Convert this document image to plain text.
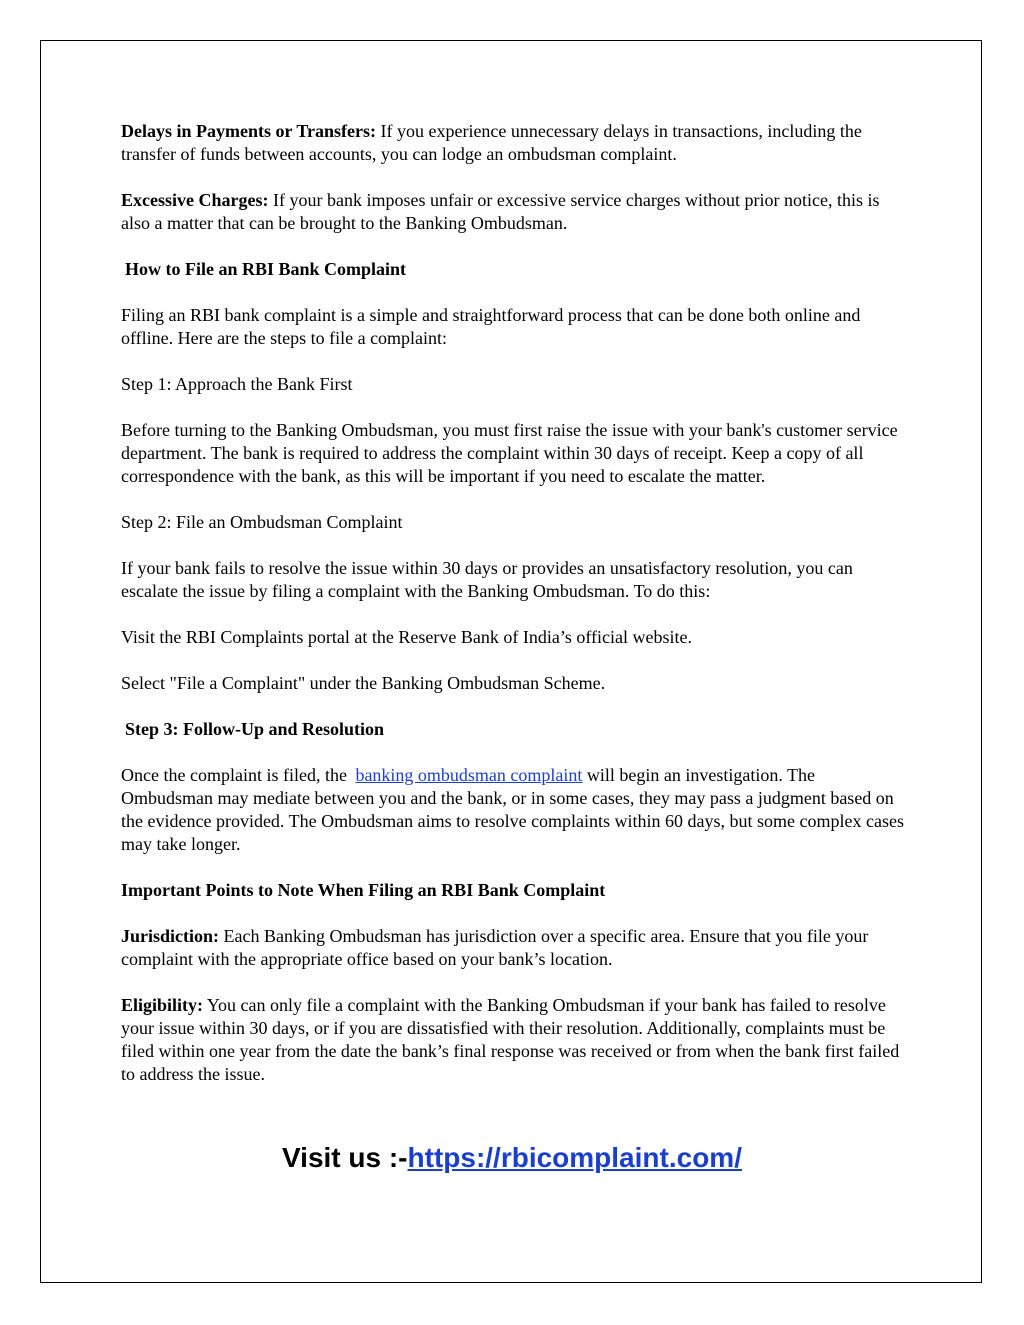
Delays in Payments or Transfers: If you experience unnecessary delays in transactions, including the transfer of funds between accounts, you can lodge an ombudsman complaint.

Excessive Charges: If your bank imposes unfair or excessive service charges without prior notice, this is also a matter that can be brought to the Banking Ombudsman.

How to File an RBI Bank Complaint

Filing an RBI bank complaint is a simple and straightforward process that can be done both online and offline. Here are the steps to file a complaint:

Step 1: Approach the Bank First

Before turning to the Banking Ombudsman, you must first raise the issue with your bank's customer service department. The bank is required to address the complaint within 30 days of receipt. Keep a copy of all correspondence with the bank, as this will be important if you need to escalate the matter.

Step 2: File an Ombudsman Complaint

If your bank fails to resolve the issue within 30 days or provides an unsatisfactory resolution, you can escalate the issue by filing a complaint with the Banking Ombudsman. To do this:

Visit the RBI Complaints portal at the Reserve Bank of India’s official website.

Select "File a Complaint" under the Banking Ombudsman Scheme.

Step 3: Follow-Up and Resolution

Once the complaint is filed, the banking ombudsman complaint will begin an investigation. The Ombudsman may mediate between you and the bank, or in some cases, they may pass a judgment based on the evidence provided. The Ombudsman aims to resolve complaints within 60 days, but some complex cases may take longer.

Important Points to Note When Filing an RBI Bank Complaint

Jurisdiction: Each Banking Ombudsman has jurisdiction over a specific area. Ensure that you file your complaint with the appropriate office based on your bank’s location.

Eligibility: You can only file a complaint with the Banking Ombudsman if your bank has failed to resolve your issue within 30 days, or if you are dissatisfied with their resolution. Additionally, complaints must be filed within one year from the date the bank’s final response was received or from when the bank first failed to address the issue.

Visit us :-https://rbicomplaint.com/
